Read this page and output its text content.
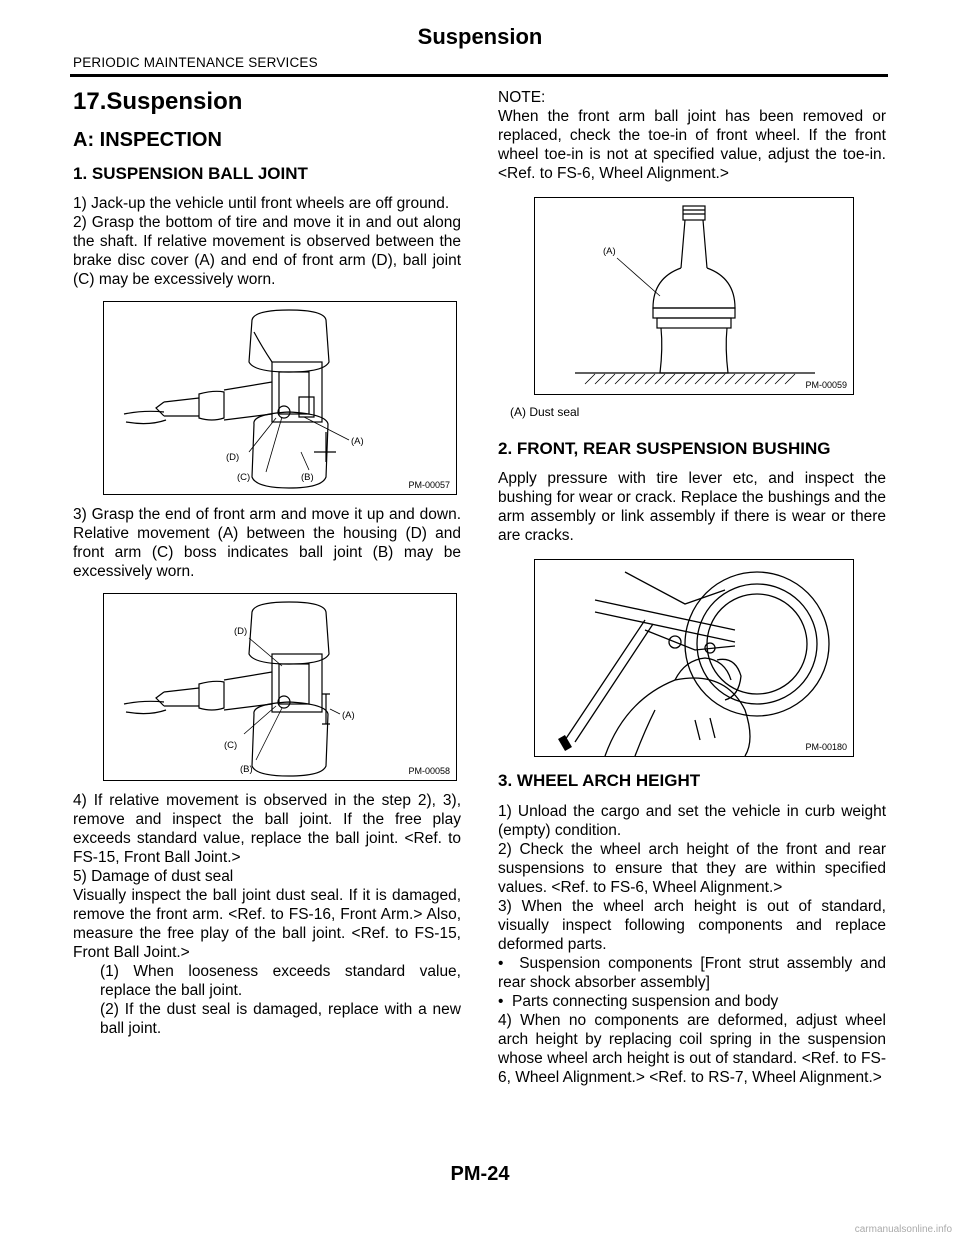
Suspension
PERIODIC MAINTENANCE SERVICES
17.Suspension
A: INSPECTION
1. SUSPENSION BALL JOINT

1) Jack-up the vehicle until front wheels are off ground.

2) Grasp the bottom of tire and move it in and out along the shaft. If relative movement is observed between the brake disc cover (A) and end of front arm (D), ball joint (C) may be excessively worn.

(A)
(D)
(C)	(B)
PM-00057

3) Grasp the end of front arm and move it up and down. Relative movement (A) between the housing (D) and front arm (C) boss indicates ball joint (B) may be excessively worn.

(D)
(A)
(C)
(B)	PM-00058

4) If relative movement is observed in the step 2), 3), remove and inspect the ball joint. If the free play exceeds standard value, replace the ball joint. <Ref. to FS-15, Front Ball Joint.>

5) Damage of dust seal

Visually inspect the ball joint dust seal. If it is damaged, remove the front arm. <Ref. to FS-16, Front Arm.> Also, measure the free play of the ball joint. <Ref. to FS-15, Front Ball Joint.>

(1) When looseness exceeds standard value, replace the ball joint.

(2) If the dust seal is damaged, replace with a new ball joint.

NOTE:

When the front arm ball joint has been removed or replaced, check the toe-in of front wheel. If the front wheel toe-in is not at specified value, adjust the toe-in. <Ref. to FS-6, Wheel Alignment.>

(A)
PM-00059
(A) Dust seal
2. FRONT, REAR SUSPENSION BUSHING

Apply pressure with tire lever etc, and inspect the bushing for wear or crack. Replace the bushings and the arm assembly or link assembly if there is wear or there are cracks.

PM-00180
3. WHEEL ARCH HEIGHT

1) Unload the cargo and set the vehicle in curb weight (empty) condition.

2) Check the wheel arch height of the front and rear suspensions to ensure that they are within specified values. <Ref. to FS-6, Wheel Alignment.>

3) When the wheel arch height is out of standard, visually inspect following components and replace deformed parts.

•  Suspension components [Front strut assembly and rear shock absorber assembly]

•  Parts connecting suspension and body

4) When no components are deformed, adjust wheel arch height by replacing coil spring in the suspension whose wheel arch height is out of standard. <Ref. to FS-6, Wheel Alignment.> <Ref. to RS-7, Wheel Alignment.>

PM-24
carmanualsonline.info
